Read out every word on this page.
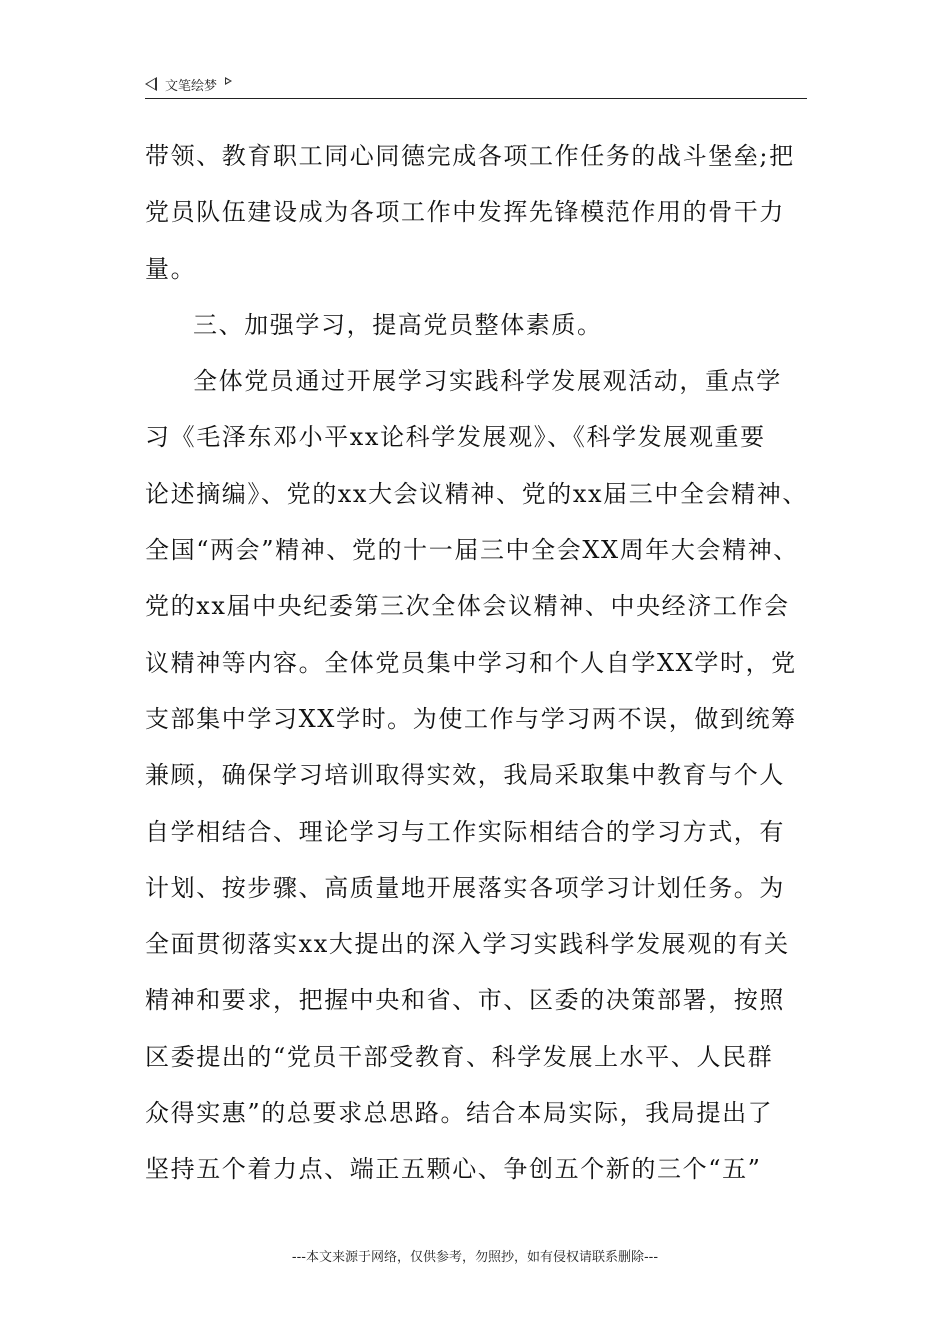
文笔绘梦
带领、教育职工同心同德完成各项工作任务的战斗堡垒;把
党员队伍建设成为各项工作中发挥先锋模范作用的骨干力
量。
三、加强学习，提高党员整体素质。
全体党员通过开展学习实践科学发展观活动，重点学
习《毛泽东邓小平xx论科学发展观》、《科学发展观重要
论述摘编》、党的xx大会议精神、党的xx届三中全会精神、
全国“两会”精神、党的十一届三中全会XX周年大会精神、
党的xx届中央纪委第三次全体会议精神、中央经济工作会
议精神等内容。全体党员集中学习和个人自学XX学时，党
支部集中学习XX学时。为使工作与学习两不误，做到统筹
兼顾，确保学习培训取得实效，我局采取集中教育与个人
自学相结合、理论学习与工作实际相结合的学习方式，有
计划、按步骤、高质量地开展落实各项学习计划任务。为
全面贯彻落实xx大提出的深入学习实践科学发展观的有关
精神和要求，把握中央和省、市、区委的决策部署，按照
区委提出的“党员干部受教育、科学发展上水平、人民群
众得实惠”的总要求总思路。结合本局实际，我局提出了
坚持五个着力点、端正五颗心、争创五个新的三个“五”
---本文来源于网络，仅供参考，勿照抄，如有侵权请联系删除---
